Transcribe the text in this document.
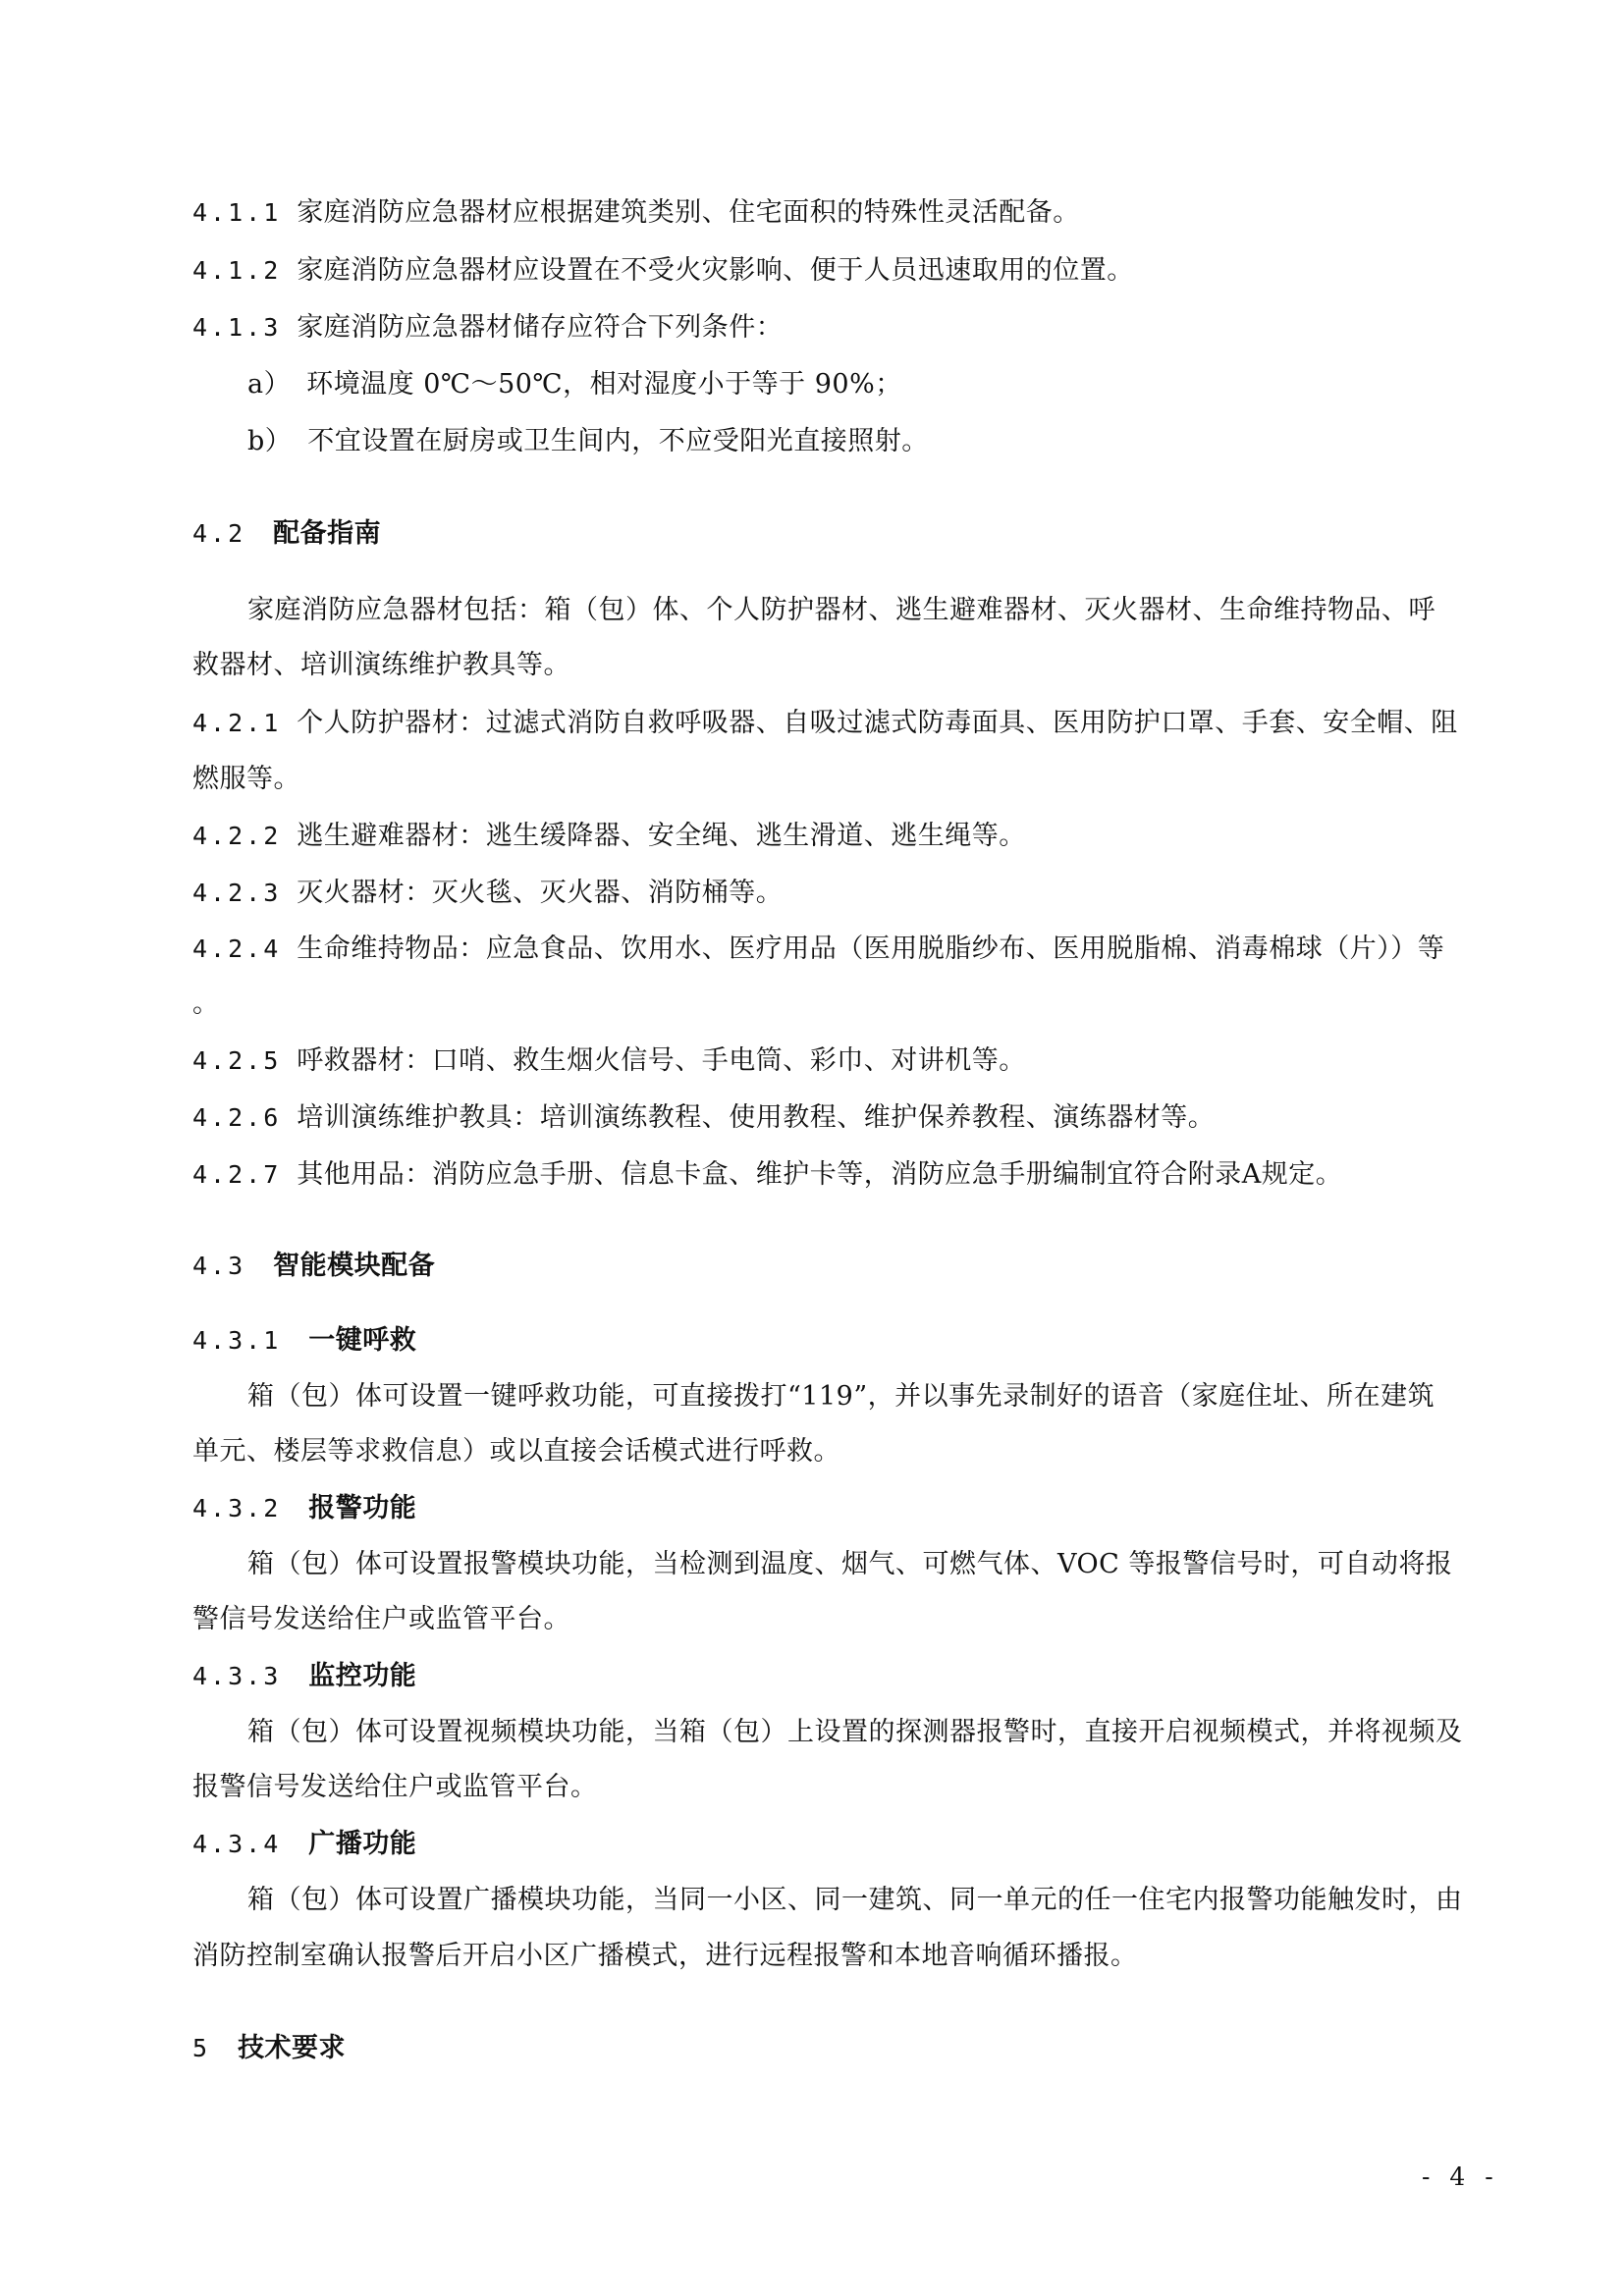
4.1.1 家庭消防应急器材应根据建筑类别、住宅面积的特殊性灵活配备。
4.1.2 家庭消防应急器材应设置在不受火灾影响、便于人员迅速取用的位置。
4.1.3 家庭消防应急器材储存应符合下列条件：
a） 环境温度 0℃～50℃，相对湿度小于等于 90%；
b） 不宜设置在厨房或卫生间内，不应受阳光直接照射。
4.2 配备指南
家庭消防应急器材包括：箱（包）体、个人防护器材、逃生避难器材、灭火器材、生命维持物品、呼
救器材、培训演练维护教具等。
4.2.1 个人防护器材：过滤式消防自救呼吸器、自吸过滤式防毒面具、医用防护口罩、手套、安全帽、阻
燃服等。
4.2.2 逃生避难器材：逃生缓降器、安全绳、逃生滑道、逃生绳等。
4.2.3 灭火器材：灭火毯、灭火器、消防桶等。
4.2.4 生命维持物品：应急食品、饮用水、医疗用品（医用脱脂纱布、医用脱脂棉、消毒棉球（片））等
。
4.2.5 呼救器材：口哨、救生烟火信号、手电筒、彩巾、对讲机等。
4.2.6 培训演练维护教具：培训演练教程、使用教程、维护保养教程、演练器材等。
4.2.7 其他用品：消防应急手册、信息卡盒、维护卡等，消防应急手册编制宜符合附录A规定。
4.3 智能模块配备
4.3.1 一键呼救
箱（包）体可设置一键呼救功能，可直接拨打“119”，并以事先录制好的语音（家庭住址、所在建筑
单元、楼层等求救信息）或以直接会话模式进行呼救。
4.3.2 报警功能
箱（包）体可设置报警模块功能，当检测到温度、烟气、可燃气体、VOC 等报警信号时，可自动将报
警信号发送给住户或监管平台。
4.3.3 监控功能
箱（包）体可设置视频模块功能，当箱（包）上设置的探测器报警时，直接开启视频模式，并将视频及
报警信号发送给住户或监管平台。
4.3.4 广播功能
箱（包）体可设置广播模块功能，当同一小区、同一建筑、同一单元的任一住宅内报警功能触发时，由
消防控制室确认报警后开启小区广播模式，进行远程报警和本地音响循环播报。
5 技术要求
- 4 -
